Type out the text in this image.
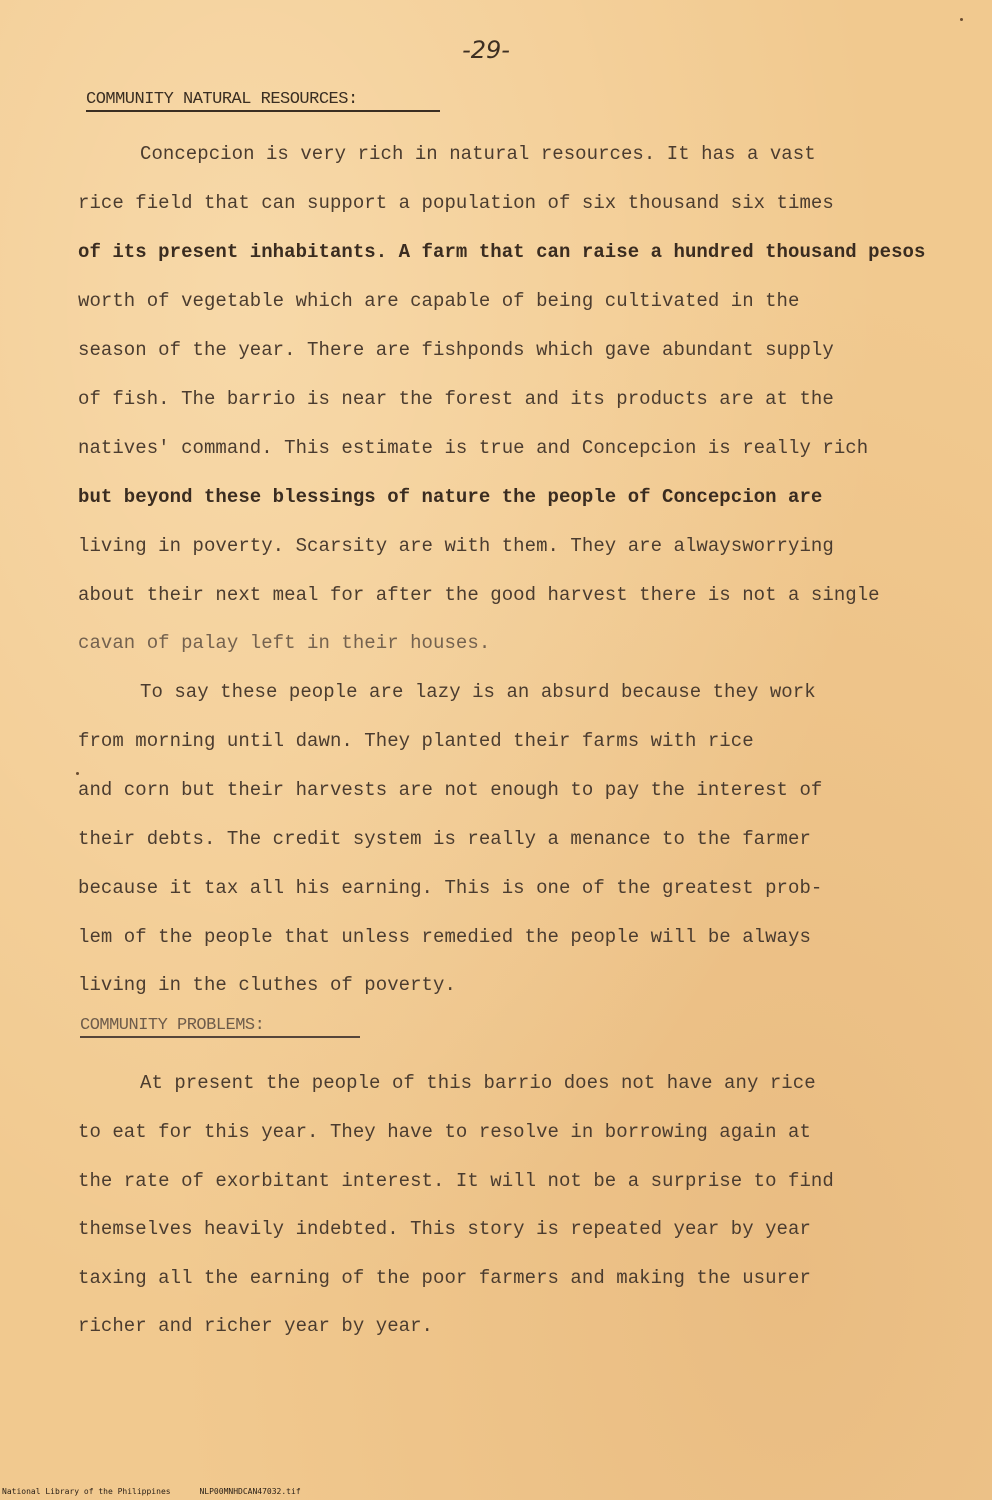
-29-
COMMUNITY NATURAL RESOURCES:
Concepcion is very rich in natural resources. It has a vast
rice field that can support a population of six thousand six times
of its present inhabitants. A farm that can raise a hundred thousand pesos
worth of vegetable which are capable of being cultivated in the
season of the year. There are fishponds which gave abundant supply
of fish. The barrio is near the forest and its products are at the
natives' command. This estimate is true and Concepcion is really rich
but beyond these blessings of nature the people of Concepcion are
living in poverty. Scarsity are with them. They are alwaysworrying
about their next meal for after the good harvest there is not a single
cavan of palay left in their houses.
To say these people are lazy is an absurd because they work
from morning until dawn. They planted their farms with rice
and corn but their harvests are not enough to pay the interest of
their debts. The credit system is really a menance to the farmer
because it tax all his earning. This is one of the greatest prob-
lem of the people that unless remedied the people will be always
living in the cluthes of poverty.
COMMUNITY PROBLEMS:
At present the people of this barrio does not have any rice
to eat for this year. They have to resolve in borrowing again at
the rate of exorbitant interest. It will not be a surprise to find
themselves heavily indebted. This story is repeated year by year
taxing all the earning of the poor farmers and making the usurer
richer and richer year by year.
National Library of the Philippines	NLP00MNHDCAN47032.tif
